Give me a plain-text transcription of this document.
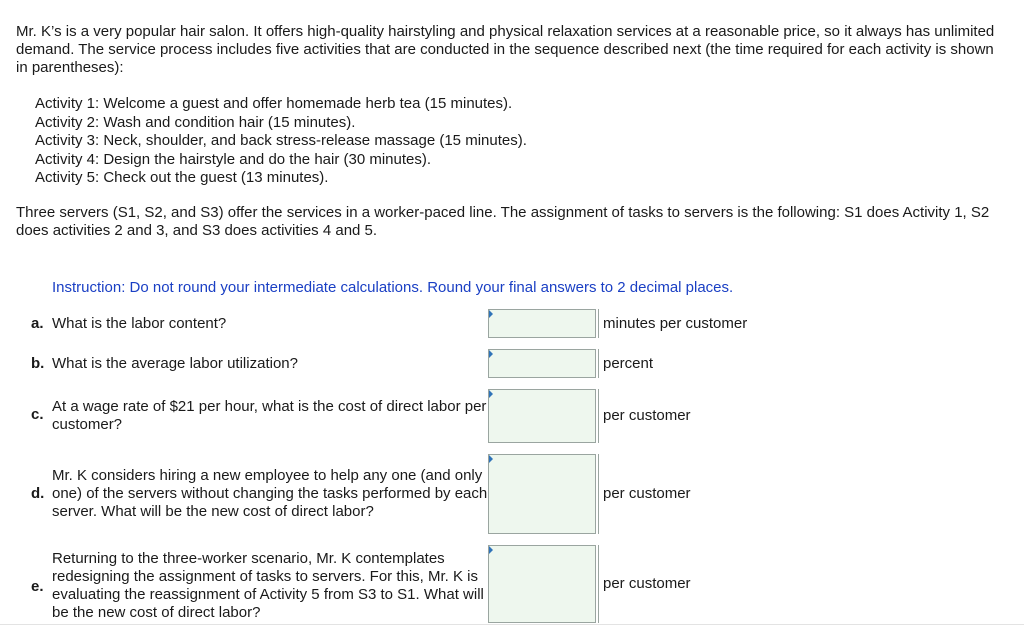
Mr. K’s is a very popular hair salon. It offers high-quality hairstyling and physical relaxation services at a reasonable price, so it always has unlimited demand. The service process includes five activities that are conducted in the sequence described next (the time required for each activity is shown in parentheses):

Activity 1: Welcome a guest and offer homemade herb tea (15 minutes).
Activity 2: Wash and condition hair (15 minutes).
Activity 3: Neck, shoulder, and back stress-release massage (15 minutes).
Activity 4: Design the hairstyle and do the hair (30 minutes).
Activity 5: Check out the guest (13 minutes).

Three servers (S1, S2, and S3) offer the services in a worker-paced line. The assignment of tasks to servers is the following: S1 does Activity 1, S2 does activities 2 and 3, and S3 does activities 4 and 5.

Instruction: Do not round your intermediate calculations. Round your final answers to 2 decimal places.

a. What is the labor content?	minutes per customer
b. What is the average labor utilization?	percent
c. At a wage rate of $21 per hour, what is the cost of direct labor per customer?
per customer
d.
Mr. K considers hiring a new employee to help any one (and only one) of the servers without changing the tasks performed by each server. What will be the new cost of direct labor?
per customer
e.
Returning to the three-worker scenario, Mr. K contemplates redesigning the assignment of tasks to servers. For this, Mr. K is evaluating the reassignment of Activity 5 from S3 to S1. What will be the new cost of direct labor?
per customer
